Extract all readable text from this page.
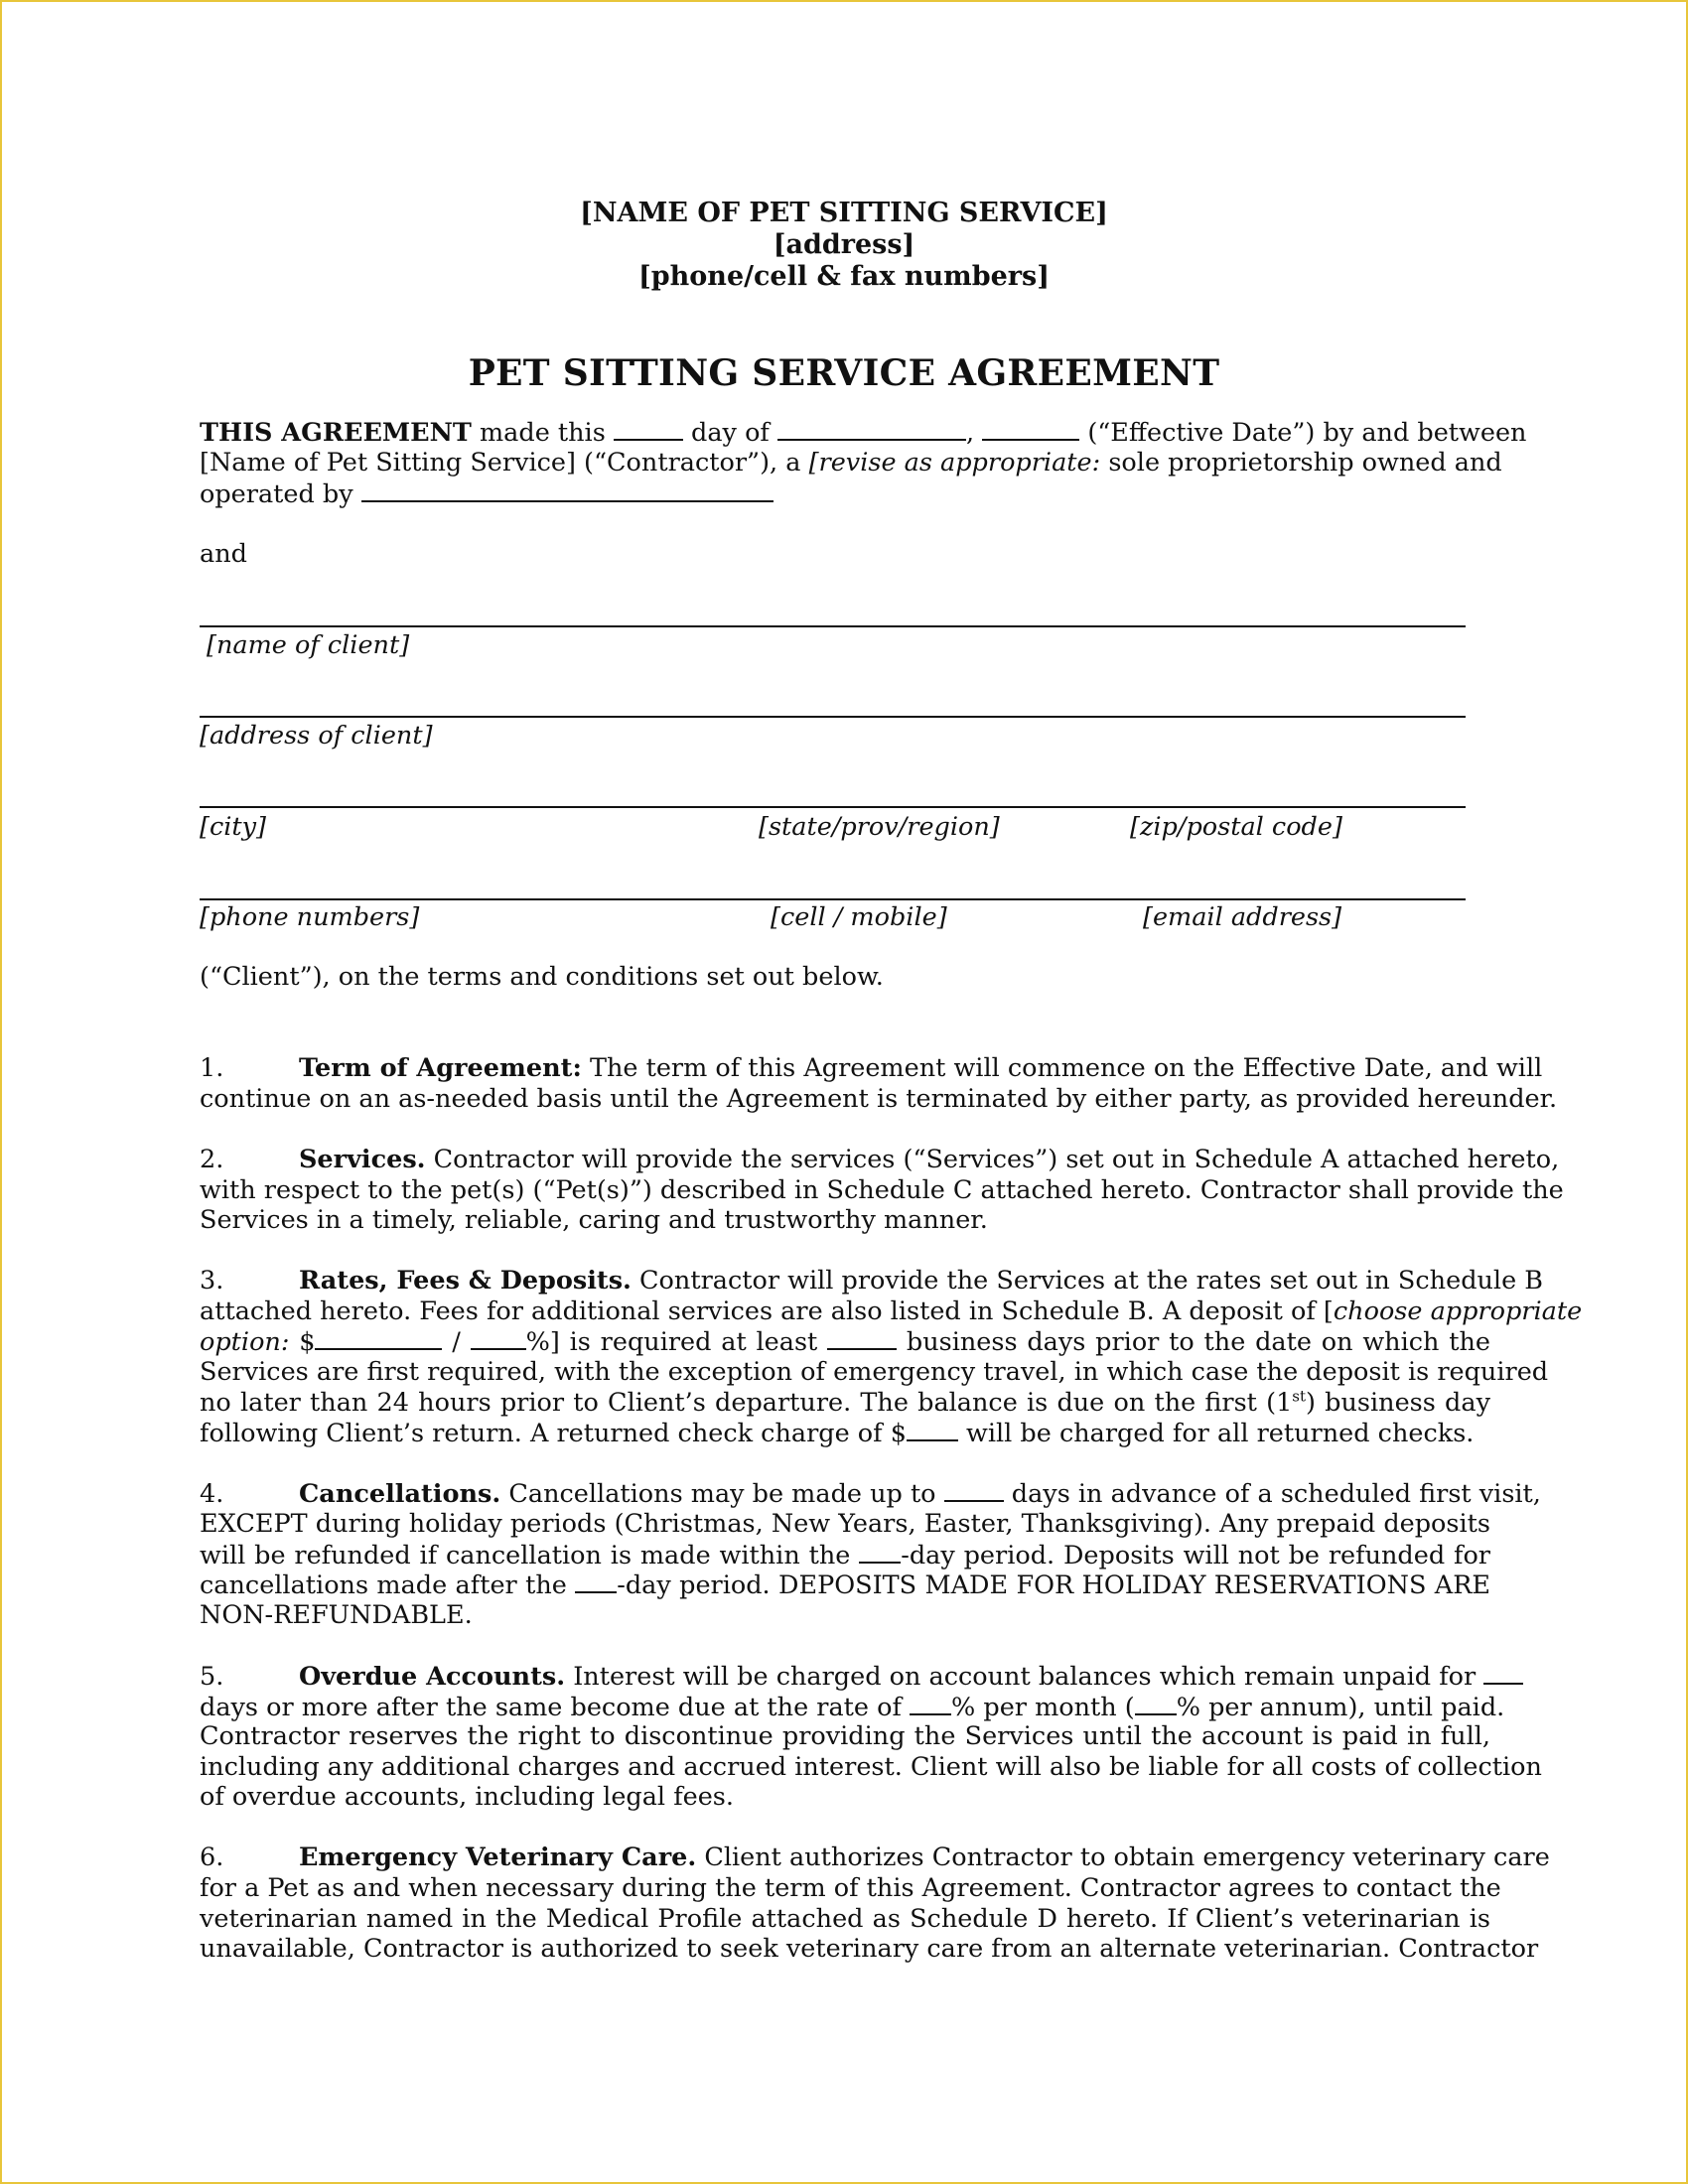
[NAME OF PET SITTING SERVICE]
[address]
[phone/cell & fax numbers]
PET SITTING SERVICE AGREEMENT
THIS AGREEMENT made this	day of	,	(“Effective Date”) by and between
[Name of Pet Sitting Service] (“Contractor”), a [revise as appropriate: sole proprietorship owned and
operated by
and
[name of client]
[address of client]
[city]	[state/prov/region]	[zip/postal code]
[phone numbers]	[cell / mobile]	[email address]
(“Client”), on the terms and conditions set out below.
1.	Term of Agreement: The term of this Agreement will commence on the Effective Date, and will
continue on an as-needed basis until the Agreement is terminated by either party, as provided hereunder.
2.	Services. Contractor will provide the services (“Services”) set out in Schedule A attached hereto,
with respect to the pet(s) (“Pet(s)”) described in Schedule C attached hereto. Contractor shall provide the
Services in a timely, reliable, caring and trustworthy manner.
3.	Rates, Fees & Deposits. Contractor will provide the Services at the rates set out in Schedule B
attached hereto. Fees for additional services are also listed in Schedule B. A deposit of [choose appropriate
option: $	/	%] is required at least	business days prior to the date on which the
Services are first required, with the exception of emergency travel, in which case the deposit is required
no later than 24 hours prior to Client’s departure. The balance is due on the first (1st) business day
following Client’s return. A returned check charge of $ will be charged for all returned checks.
4.	Cancellations. Cancellations may be made up to	days in advance of a scheduled first visit,
EXCEPT during holiday periods (Christmas, New Years, Easter, Thanksgiving). Any prepaid deposits
will be refunded if cancellation is made within the -day period. Deposits will not be refunded for
cancellations made after the -day period. DEPOSITS MADE FOR HOLIDAY RESERVATIONS ARE
NON-REFUNDABLE.
5.	Overdue Accounts. Interest will be charged on account balances which remain unpaid for
days or more after the same become due at the rate of % per month ( % per annum), until paid.
Contractor reserves the right to discontinue providing the Services until the account is paid in full,
including any additional charges and accrued interest. Client will also be liable for all costs of collection
of overdue accounts, including legal fees.
6.	Emergency Veterinary Care. Client authorizes Contractor to obtain emergency veterinary care
for a Pet as and when necessary during the term of this Agreement. Contractor agrees to contact the
veterinarian named in the Medical Profile attached as Schedule D hereto. If Client’s veterinarian is
unavailable, Contractor is authorized to seek veterinary care from an alternate veterinarian. Contractor
